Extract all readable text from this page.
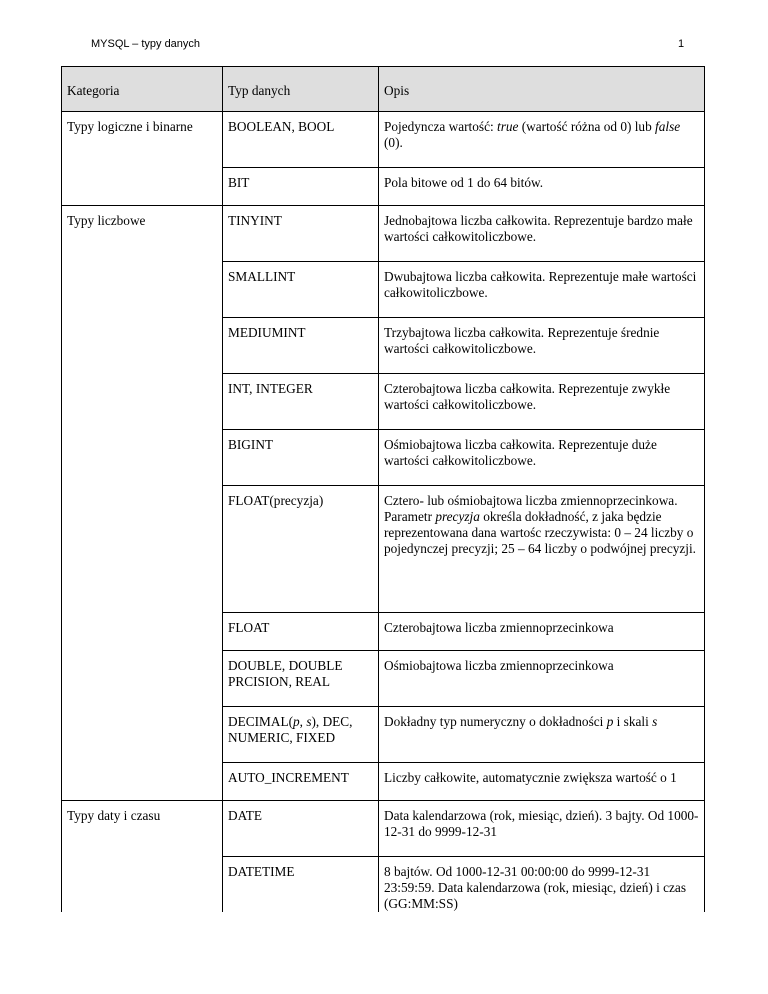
MYSQL – typy danych	1
Kategoria	Typ danych	Opis
Typy logiczne i binarne	BOOLEAN, BOOL	Pojedyncza wartość: true (wartość różna od 0) lub false (0).
	BIT	Pola bitowe od 1 do 64 bitów.
Typy liczbowe	TINYINT	Jednobajtowa liczba całkowita. Reprezentuje bardzo małe wartości całkowitoliczbowe.
	SMALLINT	Dwubajtowa liczba całkowita. Reprezentuje małe wartości całkowitoliczbowe.
	MEDIUMINT	Trzybajtowa liczba całkowita. Reprezentuje średnie wartości całkowitoliczbowe.
	INT, INTEGER	Czterobajtowa liczba całkowita. Reprezentuje zwykłe wartości całkowitoliczbowe.
	BIGINT	Ośmiobajtowa liczba całkowita. Reprezentuje duże wartości całkowitoliczbowe.
	FLOAT(precyzja)	Cztero- lub ośmiobajtowa liczba zmiennoprzecinkowa. Parametr precyzja określa dokładność, z jaka będzie reprezentowana dana wartośc rzeczywista: 0 – 24 liczby o pojedynczej precyzji; 25 – 64 liczby o podwójnej precyzji.
	FLOAT	Czterobajtowa liczba zmiennoprzecinkowa
	DOUBLE, DOUBLE PRCISION, REAL	Ośmiobajtowa liczba zmiennoprzecinkowa
	DECIMAL(p, s), DEC, NUMERIC, FIXED	Dokładny typ numeryczny o dokładności p i skali s
	AUTO_INCREMENT	Liczby całkowite, automatycznie zwiększa wartość o 1
Typy daty i czasu	DATE	Data kalendarzowa (rok, miesiąc, dzień). 3 bajty. Od 1000-12-31 do 9999-12-31
	DATETIME	8 bajtów. Od 1000-12-31 00:00:00 do 9999-12-31 23:59:59. Data kalendarzowa (rok, miesiąc, dzień) i czas (GG:MM:SS)
